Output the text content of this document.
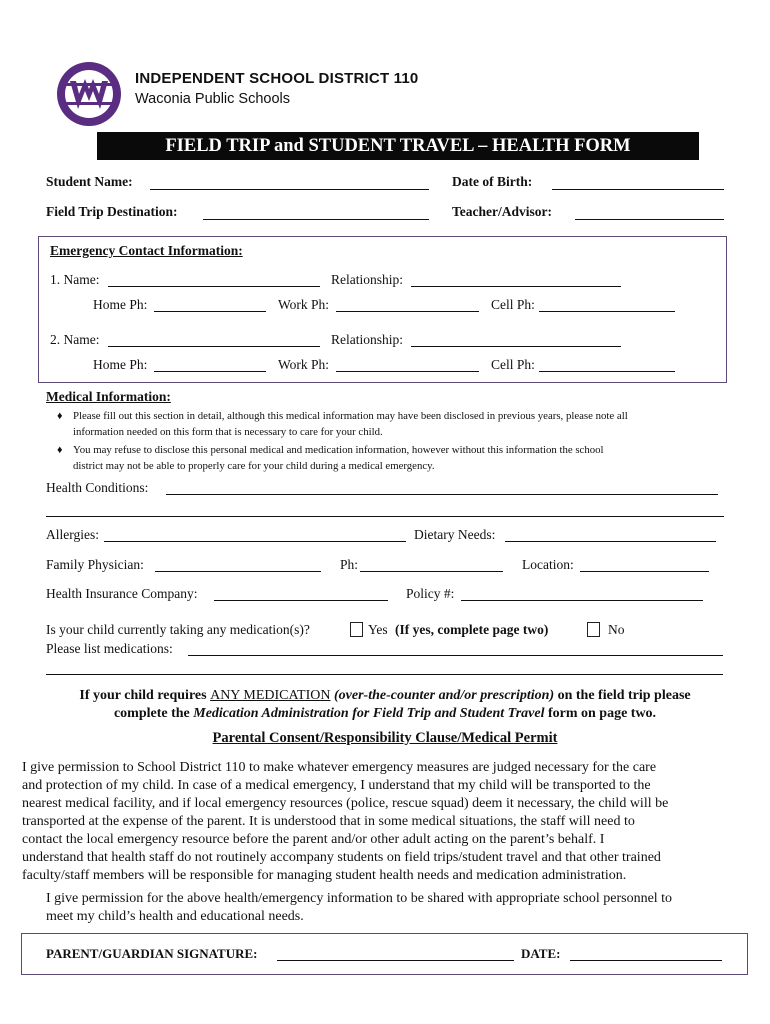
INDEPENDENT SCHOOL DISTRICT 110
Waconia Public Schools
FIELD TRIP and STUDENT TRAVEL – HEALTH FORM
Student Name:	Date of Birth:
Field Trip Destination:	Teacher/Advisor:
Emergency Contact Information:
1. Name:	Relationship:
Home Ph:	Work Ph:	Cell Ph:
2. Name:	Relationship:
Home Ph:	Work Ph:	Cell Ph:
Medical Information:
♦ Please fill out this section in detail, although this medical information may have been disclosed in previous years, please note all
information needed on this form that is necessary to care for your child.
♦ You may refuse to disclose this personal medical and medication information, however without this information the school
district may not be able to properly care for your child during a medical emergency.
Health Conditions:
Allergies:	Dietary Needs:
Family Physician:	Ph:	Location:
Health Insurance Company:	Policy #:
Is your child currently taking any medication(s)?	Yes (If yes, complete page two)	No
Please list medications:
If your child requires ANY MEDICATION (over-the-counter and/or prescription) on the field trip please
complete the Medication Administration for Field Trip and Student Travel form on page two.
Parental Consent/Responsibility Clause/Medical Permit
I give permission to School District 110 to make whatever emergency measures are judged necessary for the care
and protection of my child. In case of a medical emergency, I understand that my child will be transported to the
nearest medical facility, and if local emergency resources (police, rescue squad) deem it necessary, the child will be
transported at the expense of the parent. It is understood that in some medical situations, the staff will need to
contact the local emergency resource before the parent and/or other adult acting on the parent’s behalf. I
understand that health staff do not routinely accompany students on field trips/student travel and that other trained
faculty/staff members will be responsible for managing student health needs and medication administration.
I give permission for the above health/emergency information to be shared with appropriate school personnel to
meet my child’s health and educational needs.
PARENT/GUARDIAN SIGNATURE:	DATE:
